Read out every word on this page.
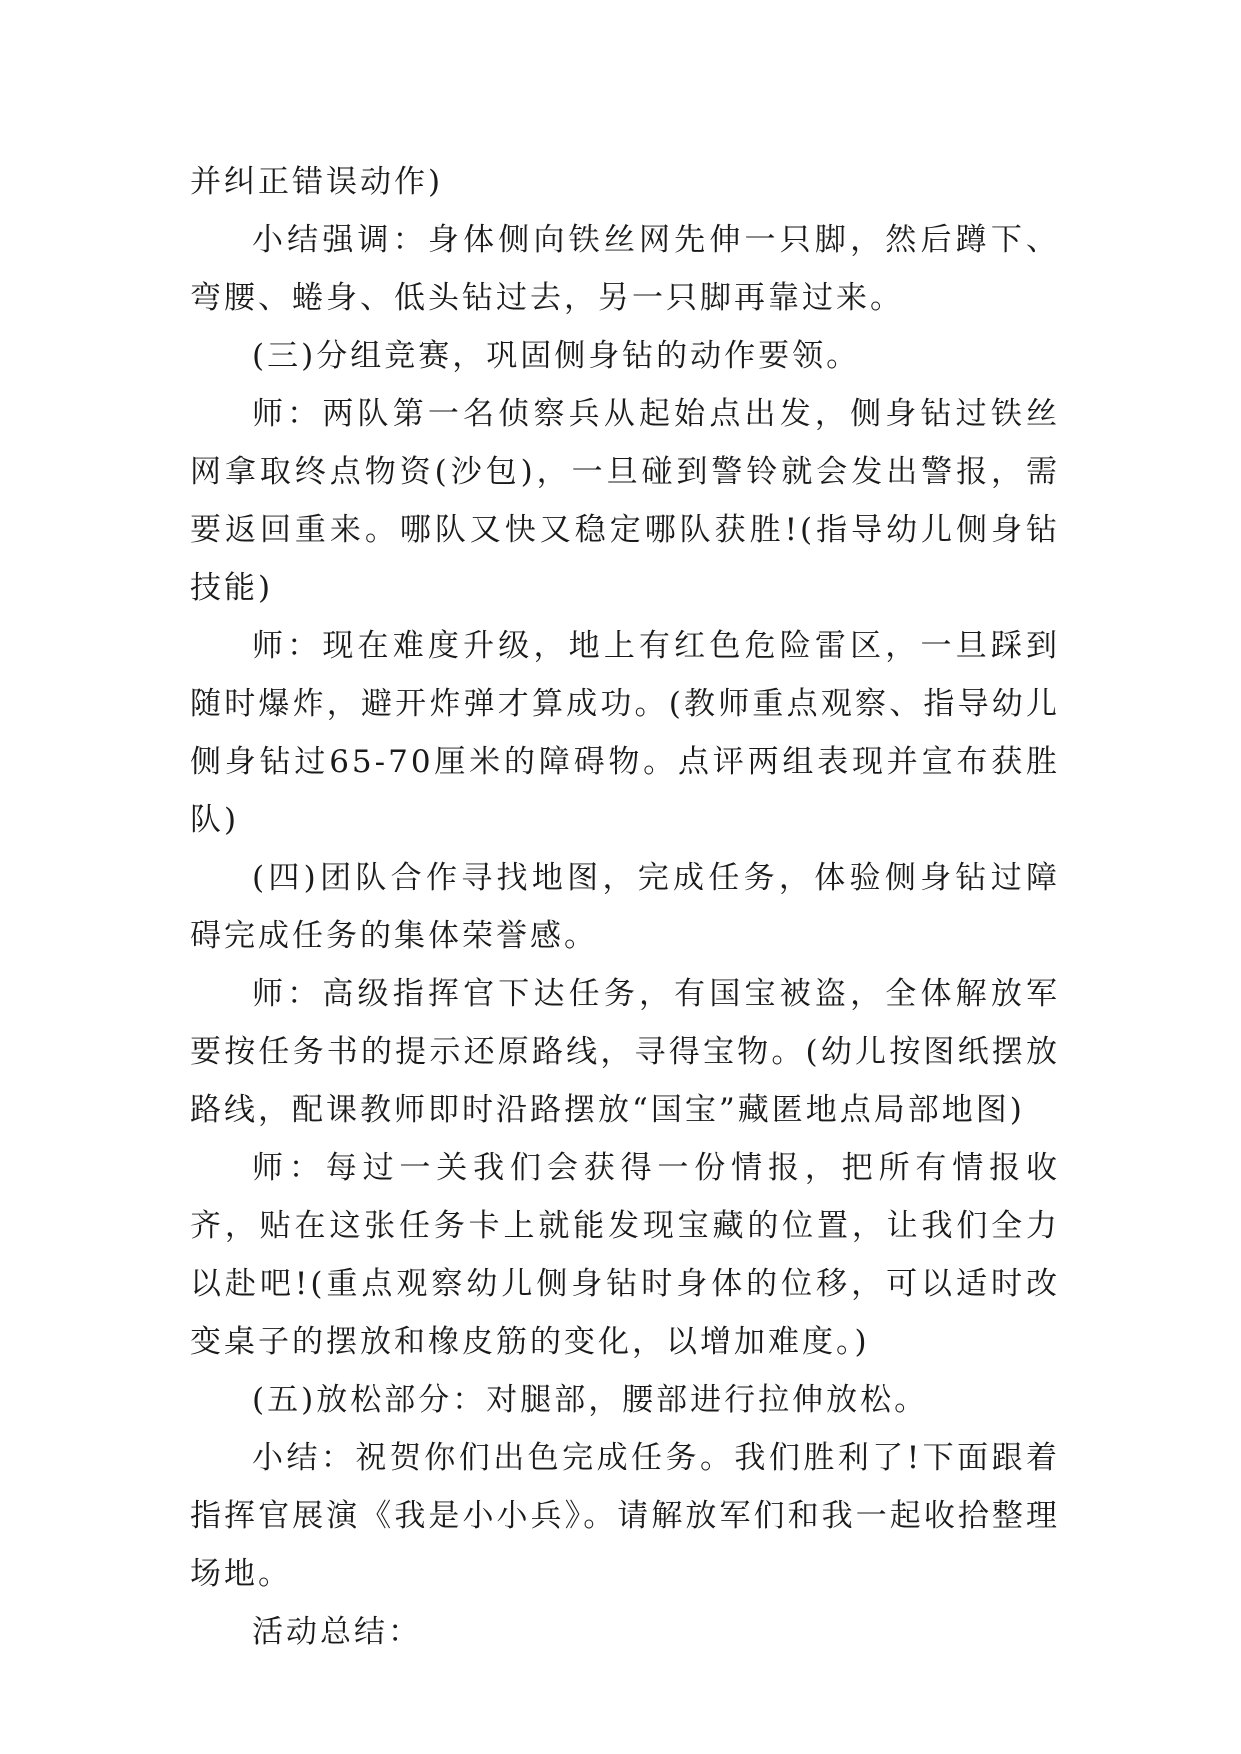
并纠正错误动作)

小结强调：身体侧向铁丝网先伸一只脚，然后蹲下、弯腰、蜷身、低头钻过去，另一只脚再靠过来。

(三)分组竞赛，巩固侧身钻的动作要领。

师：两队第一名侦察兵从起始点出发，侧身钻过铁丝网拿取终点物资(沙包)，一旦碰到警铃就会发出警报，需要返回重来。哪队又快又稳定哪队获胜!(指导幼儿侧身钻技能)

师：现在难度升级，地上有红色危险雷区，一旦踩到随时爆炸，避开炸弹才算成功。(教师重点观察、指导幼儿侧身钻过65-70厘米的障碍物。点评两组表现并宣布获胜队)

(四)团队合作寻找地图，完成任务，体验侧身钻过障碍完成任务的集体荣誉感。

师：高级指挥官下达任务，有国宝被盗，全体解放军要按任务书的提示还原路线，寻得宝物。(幼儿按图纸摆放路线，配课教师即时沿路摆放“国宝”藏匿地点局部地图)

师：每过一关我们会获得一份情报，把所有情报收齐，贴在这张任务卡上就能发现宝藏的位置，让我们全力以赴吧!(重点观察幼儿侧身钻时身体的位移，可以适时改变桌子的摆放和橡皮筋的变化，以增加难度。)

(五)放松部分：对腿部，腰部进行拉伸放松。

小结：祝贺你们出色完成任务。我们胜利了!下面跟着指挥官展演《我是小小兵》。请解放军们和我一起收拾整理场地。

活动总结：
